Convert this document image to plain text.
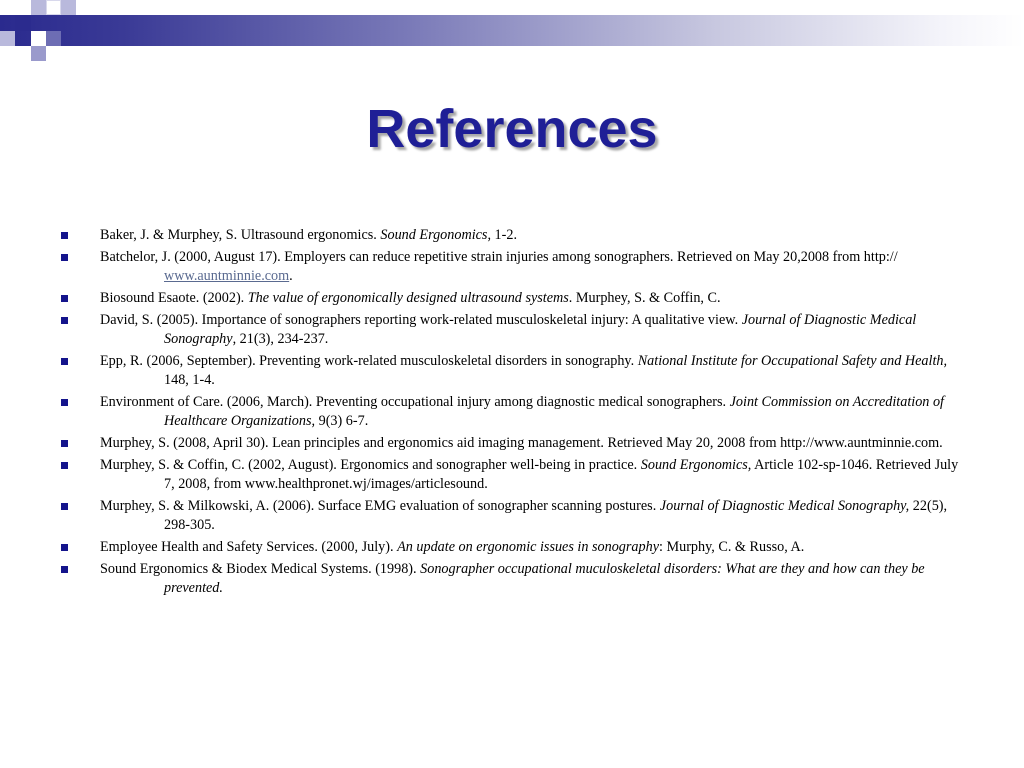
References
Baker, J. & Murphey, S. Ultrasound ergonomics. Sound Ergonomics, 1-2.
Batchelor, J. (2000, August 17). Employers can reduce repetitive strain injuries among sonographers. Retrieved on May 20,2008 from http:// www.auntminnie.com.
Biosound Esaote. (2002). The value of ergonomically designed ultrasound systems. Murphey, S. & Coffin, C.
David, S. (2005). Importance of sonographers reporting work-related musculoskeletal injury: A qualitative view. Journal of Diagnostic Medical Sonography, 21(3), 234-237.
Epp, R. (2006, September). Preventing work-related musculoskeletal disorders in sonography. National Institute for Occupational Safety and Health, 148, 1-4.
Environment of Care. (2006, March). Preventing occupational injury among diagnostic medical sonographers. Joint Commission on Accreditation of Healthcare Organizations, 9(3) 6-7.
Murphey, S. (2008, April 30). Lean principles and ergonomics aid imaging management. Retrieved May 20, 2008 from http://www.auntminnie.com.
Murphey, S. & Coffin, C. (2002, August). Ergonomics and sonographer well-being in practice. Sound Ergonomics, Article 102-sp-1046. Retrieved July 7, 2008, from www.healthpronet.wj/images/articlesound.
Murphey, S. & Milkowski, A. (2006). Surface EMG evaluation of sonographer scanning postures. Journal of Diagnostic Medical Sonography, 22(5), 298-305.
Employee Health and Safety Services. (2000, July). An update on ergonomic issues in sonography: Murphy, C. & Russo, A.
Sound Ergonomics & Biodex Medical Systems. (1998). Sonographer occupational muculoskeletal disorders: What are they and how can they be prevented.
